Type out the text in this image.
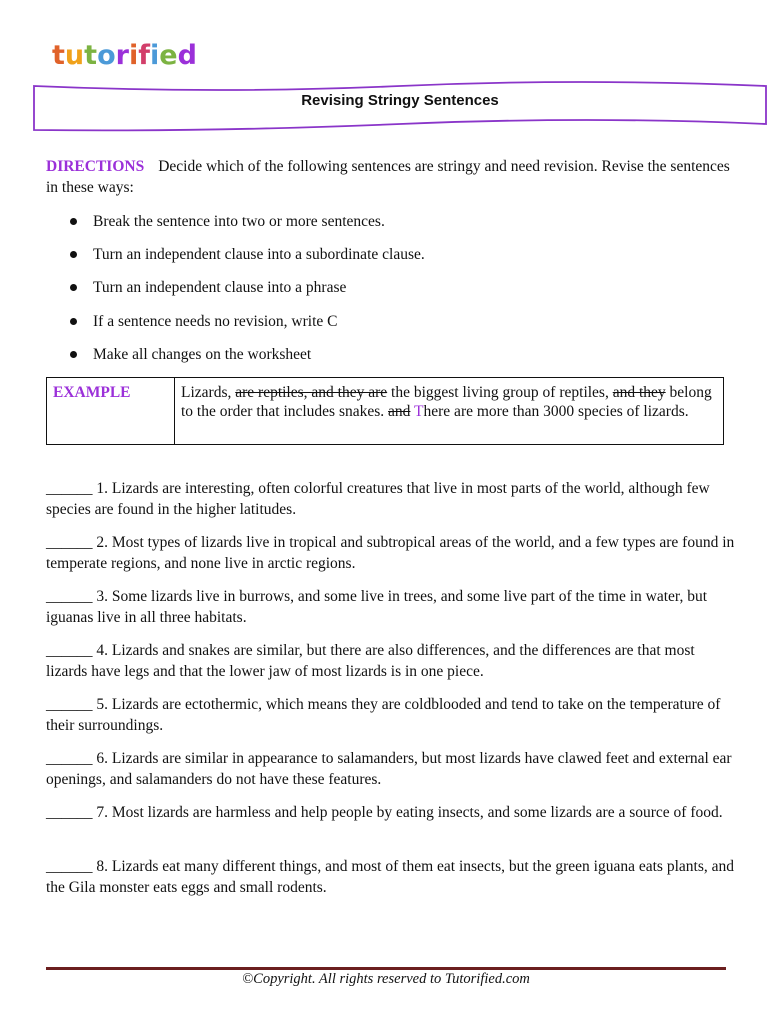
tutorified
Revising Stringy Sentences
DIRECTIONS Decide which of the following sentences are stringy and need revision. Revise the sentences in these ways:
Break the sentence into two or more sentences.
Turn an independent clause into a subordinate clause.
Turn an independent clause into a phrase
If a sentence needs no revision, write C
Make all changes on the worksheet
EXAMPLE	Lizards, are reptiles, and they are the biggest living group of reptiles, and they belong to the order that includes snakes. and There are more than 3000 species of lizards.

______ 1. Lizards are interesting, often colorful creatures that live in most parts of the world, although few species are found in the higher latitudes.

______ 2. Most types of lizards live in tropical and subtropical areas of the world, and a few types are found in temperate regions, and none live in arctic regions.

______ 3. Some lizards live in burrows, and some live in trees, and some live part of the time in water, but iguanas live in all three habitats.

______ 4. Lizards and snakes are similar, but there are also differences, and the differences are that most lizards have legs and that the lower jaw of most lizards is in one piece.

______ 5. Lizards are ectothermic, which means they are coldblooded and tend to take on the temperature of their surroundings.

______ 6. Lizards are similar in appearance to salamanders, but most lizards have clawed feet and external ear openings, and salamanders do not have these features.

______ 7. Most lizards are harmless and help people by eating insects, and some lizards are a source of food.

______ 8. Lizards eat many different things, and most of them eat insects, but the green iguana eats plants, and the Gila monster eats eggs and small rodents.

©Copyright. All rights reserved to Tutorified.com
